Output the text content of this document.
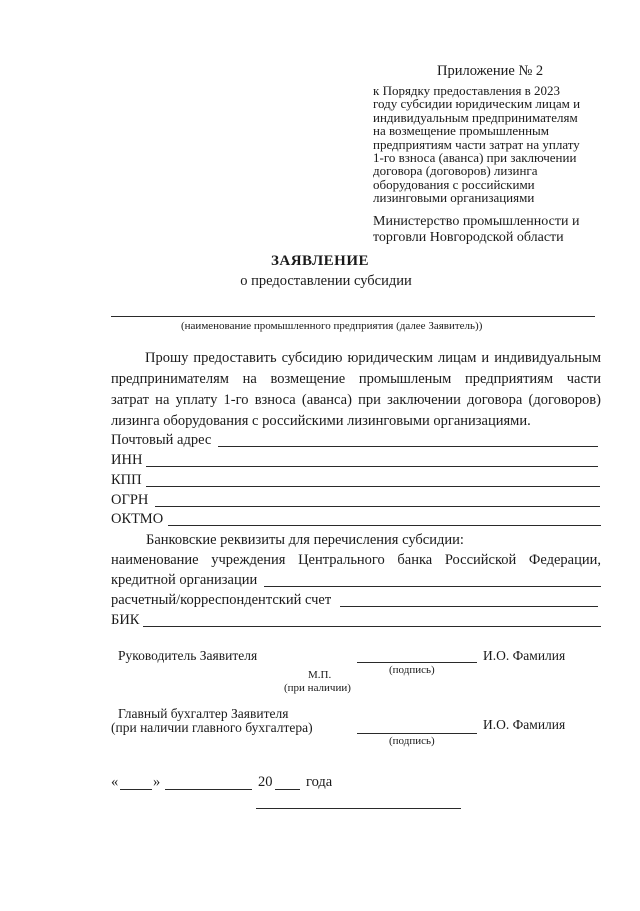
Приложение № 2
к Порядку предоставления в 2023
году субсидии юридическим лицам и
индивидуальным предпринимателям
на возмещение промышленным
предприятиям части затрат на уплату
1-го взноса (аванса) при заключении
договора (договоров) лизинга
оборудования с российскими
лизинговыми организациями
Министерство промышленности и
торговли Новгородской области
ЗАЯВЛЕНИЕ
о предоставлении субсидии
(наименование промышленного предприятия (далее Заявитель))
Прошу предоставить субсидию юридическим лицам и индивидуальным
предпринимателям на возмещение промышленым предприятиям части
затрат на уплату 1-го взноса (аванса) при заключении договора (договоров)
лизинга оборудования с российскими лизинговыми организациями.
Почтовый адрес
ИНН
КПП
ОГРН
ОКТМО
Банковские реквизиты для перечисления субсидии:
наименование учреждения Центрального банка Российской Федерации,
кредитной организации
расчетный/корреспондентский счет
БИК
Руководитель Заявителя
(подпись)
И.О. Фамилия
М.П.
(при наличии)
Главный бухгалтер Заявителя
(при наличии главного бухгалтера)
(подпись)
И.О. Фамилия
« »	20 года
